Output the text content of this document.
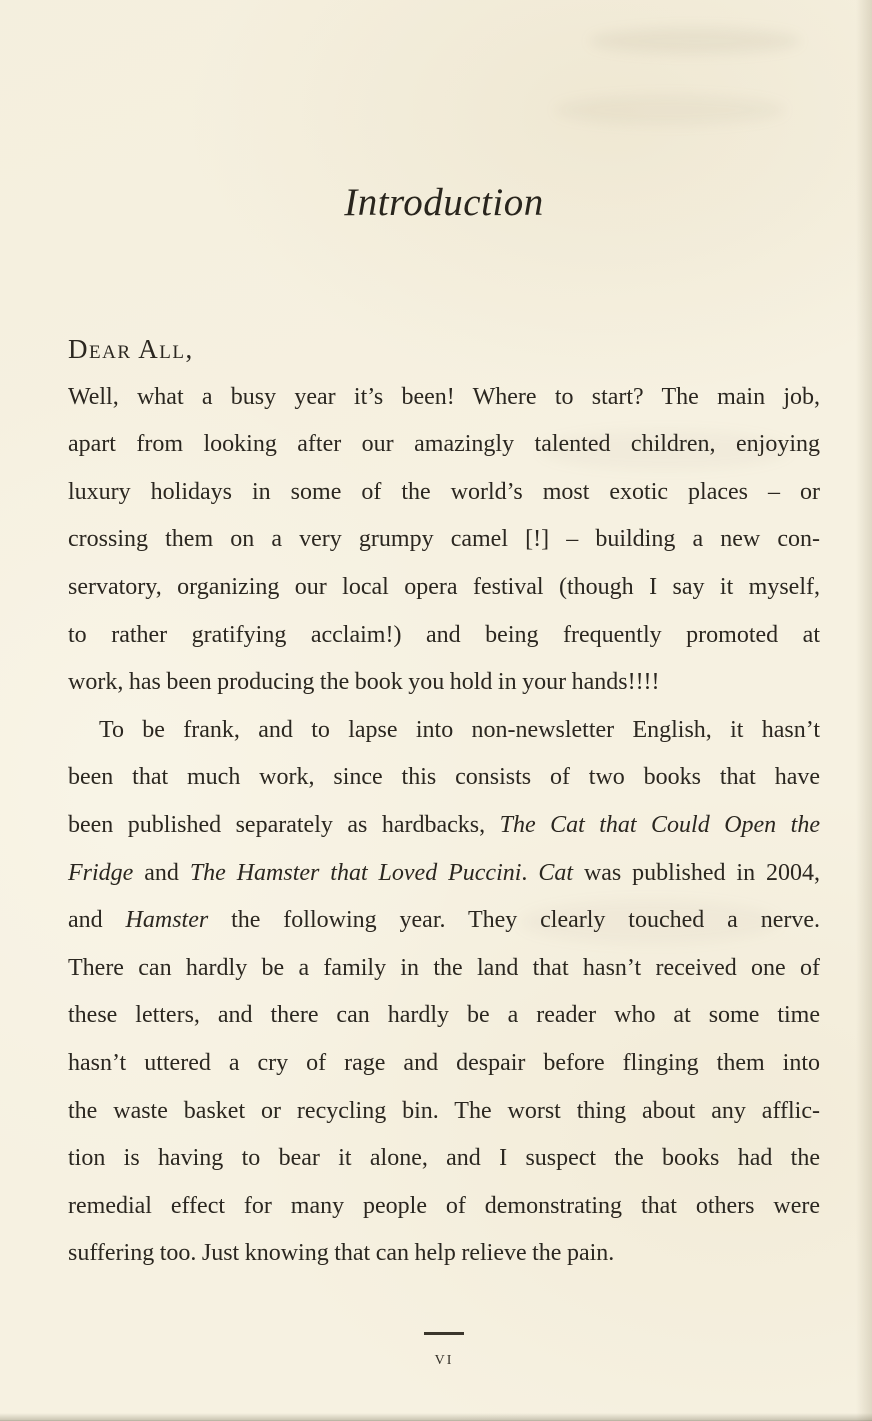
Introduction
Dear All,
Well, what a busy year it’s been! Where to start? The main job,
apart from looking after our amazingly talented children, enjoying
luxury holidays in some of the world’s most exotic places – or
crossing them on a very grumpy camel [!] – building a new con-
servatory, organizing our local opera festival (though I say it myself,
to rather gratifying acclaim!) and being frequently promoted at
work, has been producing the book you hold in your hands!!!!
To be frank, and to lapse into non-newsletter English, it hasn’t
been that much work, since this consists of two books that have
been published separately as hardbacks, The Cat that Could Open the
Fridge and The Hamster that Loved Puccini. Cat was published in 2004,
and Hamster the following year. They clearly touched a nerve.
There can hardly be a family in the land that hasn’t received one of
these letters, and there can hardly be a reader who at some time
hasn’t uttered a cry of rage and despair before flinging them into
the waste basket or recycling bin. The worst thing about any afflic-
tion is having to bear it alone, and I suspect the books had the
remedial effect for many people of demonstrating that others were
suffering too. Just knowing that can help relieve the pain.
vi
